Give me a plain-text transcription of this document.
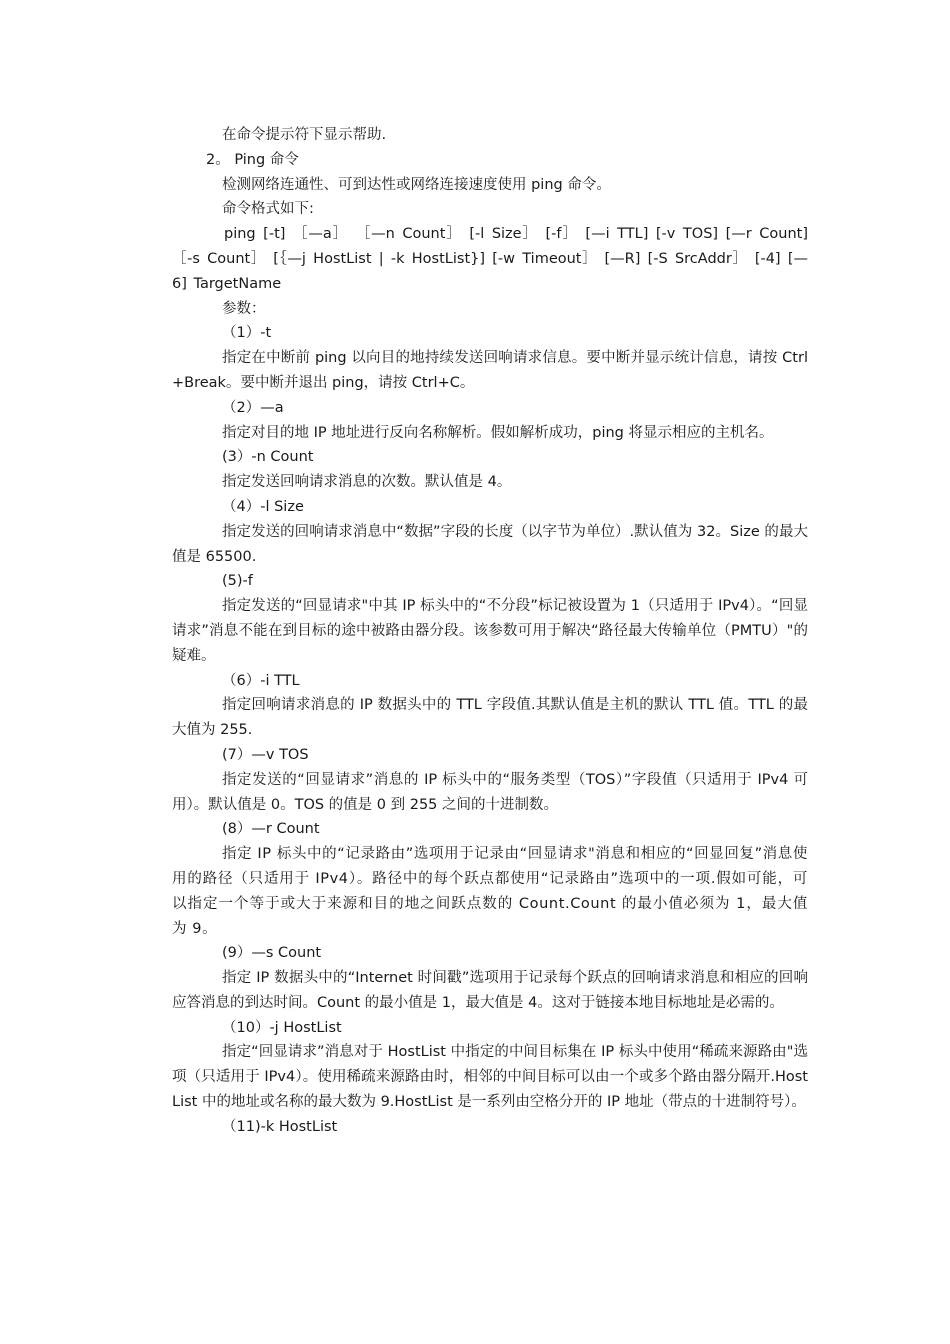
在命令提示符下显示帮助.

2。 Ping 命令

检测网络连通性、可到达性或网络连接速度使用 ping 命令。

命令格式如下:

ping [-t] ［—a］ ［—n Count］ [-l Size］ [-f］ [—i TTL] [-v TOS] [—r Count] ［-s Count］ [｛—j HostList | -k HostList}] [-w Timeout］ [—R] [-S SrcAddr］ [-4] [—6] TargetName

参数：

（1）-t

指定在中断前 ping 以向目的地持续发送回响请求信息。要中断并显示统计信息，请按 Ctrl+Break。要中断并退出 ping，请按 Ctrl+C。

（2）—a

指定对目的地 IP 地址进行反向名称解析。假如解析成功，ping 将显示相应的主机名。

(3）-n Count

指定发送回响请求消息的次数。默认值是 4。

（4）-l Size

指定发送的回响请求消息中“数据”字段的长度（以字节为单位）.默认值为 32。Size 的最大值是 65500.

(5)-f

指定发送的“回显请求"中其 IP 标头中的“不分段”标记被设置为 1（只适用于 IPv4）。“回显请求”消息不能在到目标的途中被路由器分段。该参数可用于解决“路径最大传输单位（PMTU）"的疑难。

（6）-i TTL

指定回响请求消息的 IP 数据头中的 TTL 字段值.其默认值是主机的默认 TTL 值。TTL 的最大值为 255.

(7）—v TOS

指定发送的“回显请求”消息的 IP 标头中的“服务类型（TOS）”字段值（只适用于 IPv4 可用）。默认值是 0。TOS 的值是 0 到 255 之间的十进制数。

(8）—r Count

指定 IP 标头中的“记录路由”选项用于记录由“回显请求"消息和相应的“回显回复”消息使用的路径（只适用于 IPv4）。路径中的每个跃点都使用“记录路由”选项中的一项.假如可能，可以指定一个等于或大于来源和目的地之间跃点数的 Count.Count 的最小值必须为 1，最大值为 9。

(9）—s Count

指定 IP 数据头中的“Internet 时间戳”选项用于记录每个跃点的回响请求消息和相应的回响应答消息的到达时间。Count 的最小值是 1，最大值是 4。这对于链接本地目标地址是必需的。

（10）-j HostList

指定“回显请求”消息对于 HostList 中指定的中间目标集在 IP 标头中使用“稀疏来源路由"选项（只适用于 IPv4）。使用稀疏来源路由时，相邻的中间目标可以由一个或多个路由器分隔开.HostList 中的地址或名称的最大数为 9.HostList 是一系列由空格分开的 IP 地址（带点的十进制符号）。

（11)-k HostList
